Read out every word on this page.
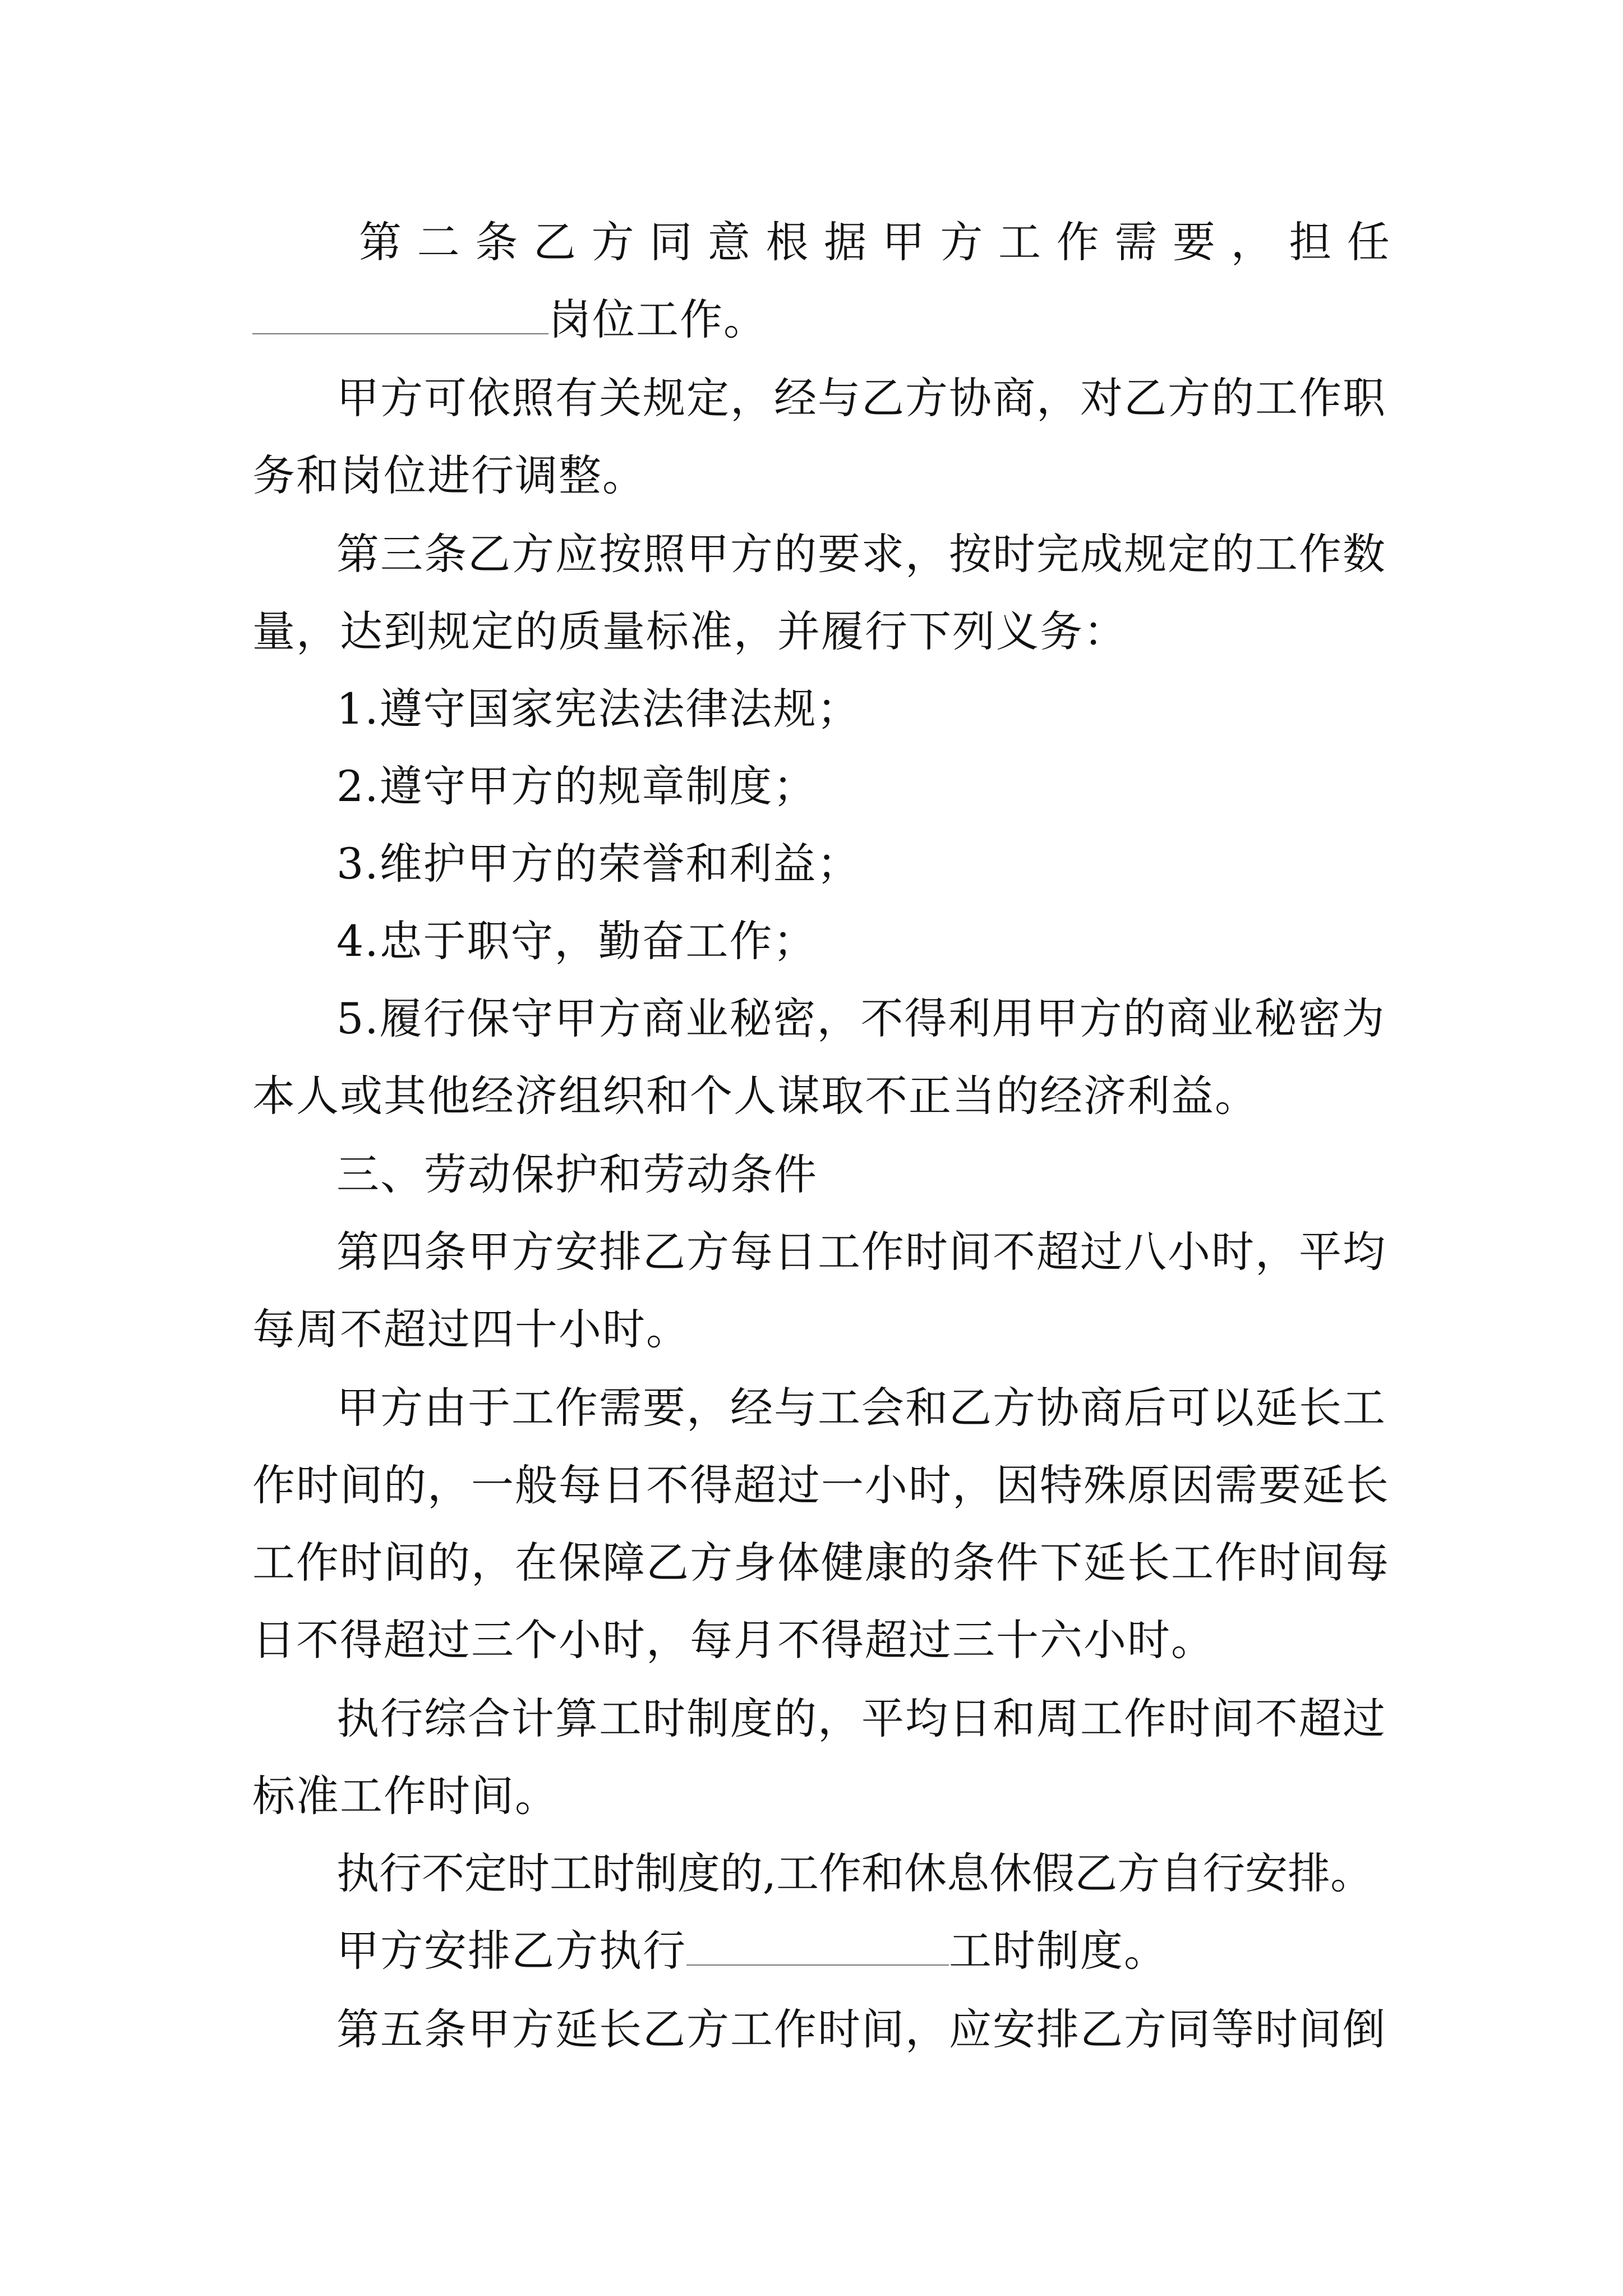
第 二 条 乙 方 同 意 根 据 甲 方 工 作 需 要 ， 担 任
岗位工作。
甲方可依照有关规定，经与乙方协商，对乙方的工作职
务和岗位进行调整。
第三条乙方应按照甲方的要求，按时完成规定的工作数
量，达到规定的质量标准，并履行下列义务：
1.遵守国家宪法法律法规；
2.遵守甲方的规章制度；
3.维护甲方的荣誉和利益；
4.忠于职守，勤奋工作；
5.履行保守甲方商业秘密，不得利用甲方的商业秘密为
本人或其他经济组织和个人谋取不正当的经济利益。
三、劳动保护和劳动条件
第四条甲方安排乙方每日工作时间不超过八小时，平均
每周不超过四十小时。
甲方由于工作需要，经与工会和乙方协商后可以延长工
作时间的，一般每日不得超过一小时，因特殊原因需要延长
工作时间的，在保障乙方身体健康的条件下延长工作时间每
日不得超过三个小时，每月不得超过三十六小时。
执行综合计算工时制度的，平均日和周工作时间不超过
标准工作时间。
执行不定时工时制度的,工作和休息休假乙方自行安排。
甲方安排乙方执行	工时制度。
第五条甲方延长乙方工作时间，应安排乙方同等时间倒
